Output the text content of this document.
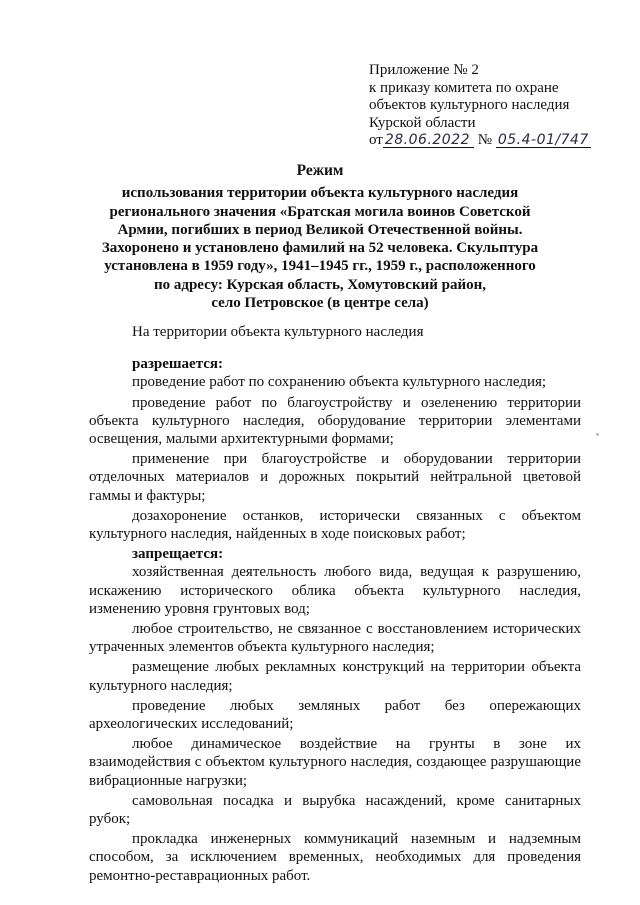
Приложение № 2
к приказу комитета по охране
объектов культурного наследия
Курской области
от 28.06.2022 № 05.4-01/747
Режим
использования территории объекта культурного наследия
регионального значения «Братская могила воинов Советской
Армии, погибших в период Великой Отечественной войны.
Захоронено и установлено фамилий на 52 человека. Скульптура
установлена в 1959 году», 1941–1945 гг., 1959 г., расположенного
по адресу: Курская область, Хомутовский район,
село Петровское (в центре села)

На территории объекта культурного наследия

разрешается:

проведение работ по сохранению объекта культурного наследия;

проведение работ по благоустройству и озеленению территории объекта культурного наследия, оборудование территории элементами освещения, малыми архитектурными формами;

применение при благоустройстве и оборудовании территории отделочных материалов и дорожных покрытий нейтральной цветовой гаммы и фактуры;

дозахоронение останков, исторически связанных с объектом культурного наследия, найденных в ходе поисковых работ;

запрещается:

хозяйственная деятельность любого вида, ведущая к разрушению, искажению исторического облика объекта культурного наследия, изменению уровня грунтовых вод;

любое строительство, не связанное с восстановлением исторических утраченных элементов объекта культурного наследия;

размещение любых рекламных конструкций на территории объекта культурного наследия;

проведение любых земляных работ без опережающих археологических исследований;

любое динамическое воздействие на грунты в зоне их взаимодействия с объектом культурного наследия, создающее разрушающие вибрационные нагрузки;

самовольная посадка и вырубка насаждений, кроме санитарных рубок;

прокладка инженерных коммуникаций наземным и надземным способом, за исключением временных, необходимых для проведения ремонтно-реставрационных работ.
